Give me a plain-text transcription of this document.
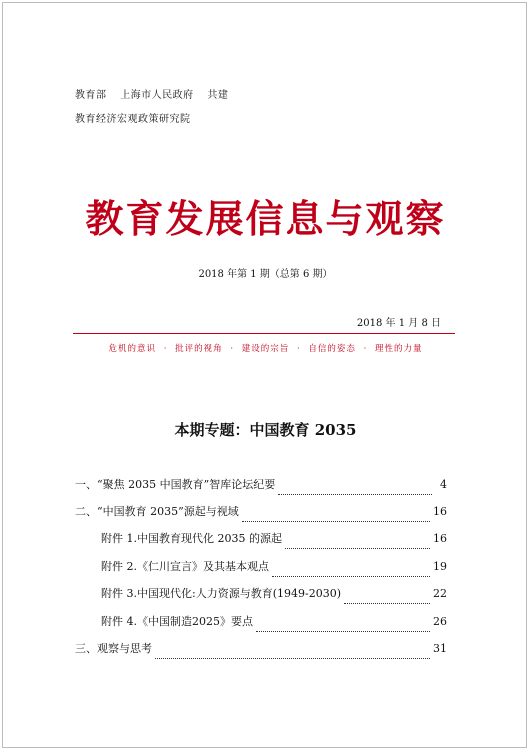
教育部 上海市人民政府 共建
教育经济宏观政策研究院
教育发展信息与观察
2018 年第 1 期（总第 6 期）
2018 年 1 月 8 日
危机的意识 · 批评的视角 · 建设的宗旨 · 自信的姿态 · 理性的力量
本期专题：中国教育 2035
一、“聚焦 2035 中国教育”智库论坛纪要	4
二、“中国教育 2035”源起与视域	16
附件 1.中国教育现代化 2035 的源起	16
附件 2.《仁川宣言》及其基本观点	19
附件 3.中国现代化:人力资源与教育(1949-2030)	22
附件 4.《中国制造2025》要点	26
三、观察与思考	31
